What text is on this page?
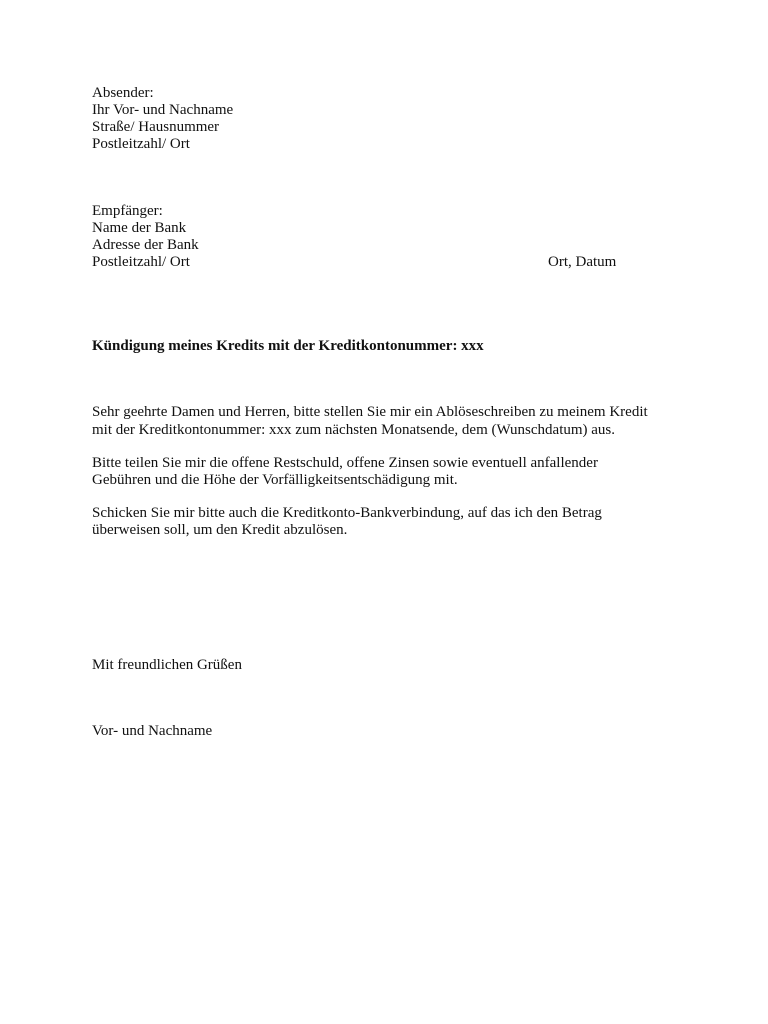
Absender:
Ihr Vor- und Nachname
Straße/ Hausnummer
Postleitzahl/ Ort
Empfänger:
Name der Bank
Adresse der Bank
Postleitzahl/ Ort	Ort, Datum
Kündigung meines Kredits mit der Kreditkontonummer: xxx
Sehr geehrte Damen und Herren, bitte stellen Sie mir ein Ablöseschreiben zu meinem Kredit
mit der Kreditkontonummer: xxx zum nächsten Monatsende, dem (Wunschdatum) aus.
Bitte teilen Sie mir die offene Restschuld, offene Zinsen sowie eventuell anfallender
Gebühren und die Höhe der Vorfälligkeitsentschädigung mit.
Schicken Sie mir bitte auch die Kreditkonto-Bankverbindung, auf das ich den Betrag
überweisen soll, um den Kredit abzulösen.
Mit freundlichen Grüßen
Vor- und Nachname
